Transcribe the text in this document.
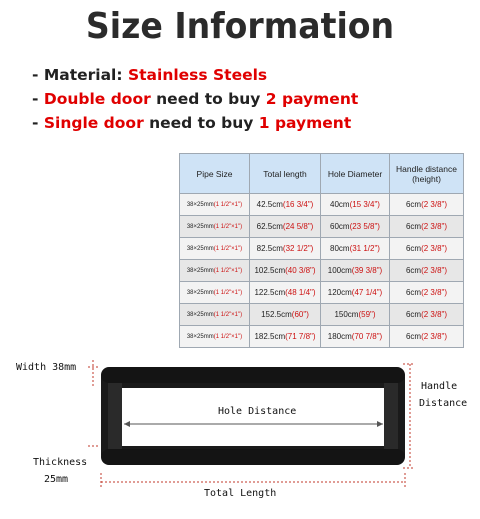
Size Information
- Material: Stainless Steels
- Double door need to buy 2 payment
- Single door need to buy 1 payment
Pipe Size	Total length	Hole Diameter	Handle distance (height)
38×25mm(1 1/2"×1")	42.5cm(16 3/4")	40cm(15 3/4")	6cm(2 3/8")
38×25mm(1 1/2"×1")	62.5cm(24 5/8")	60cm(23 5/8")	6cm(2 3/8")
38×25mm(1 1/2"×1")	82.5cm(32 1/2")	80cm(31 1/2")	6cm(2 3/8")
38×25mm(1 1/2"×1")	102.5cm(40 3/8")	100cm(39 3/8")	6cm(2 3/8")
38×25mm(1 1/2"×1")	122.5cm(48 1/4")	120cm(47 1/4")	6cm(2 3/8")
38×25mm(1 1/2"×1")	152.5cm(60")	150cm(59")	6cm(2 3/8")
38×25mm(1 1/2"×1")	182.5cm(71 7/8")	180cm(70 7/8")	6cm(2 3/8")
Width 38mm
Hole Distance
Handle
Distance
Thickness
25mm
Total Length
